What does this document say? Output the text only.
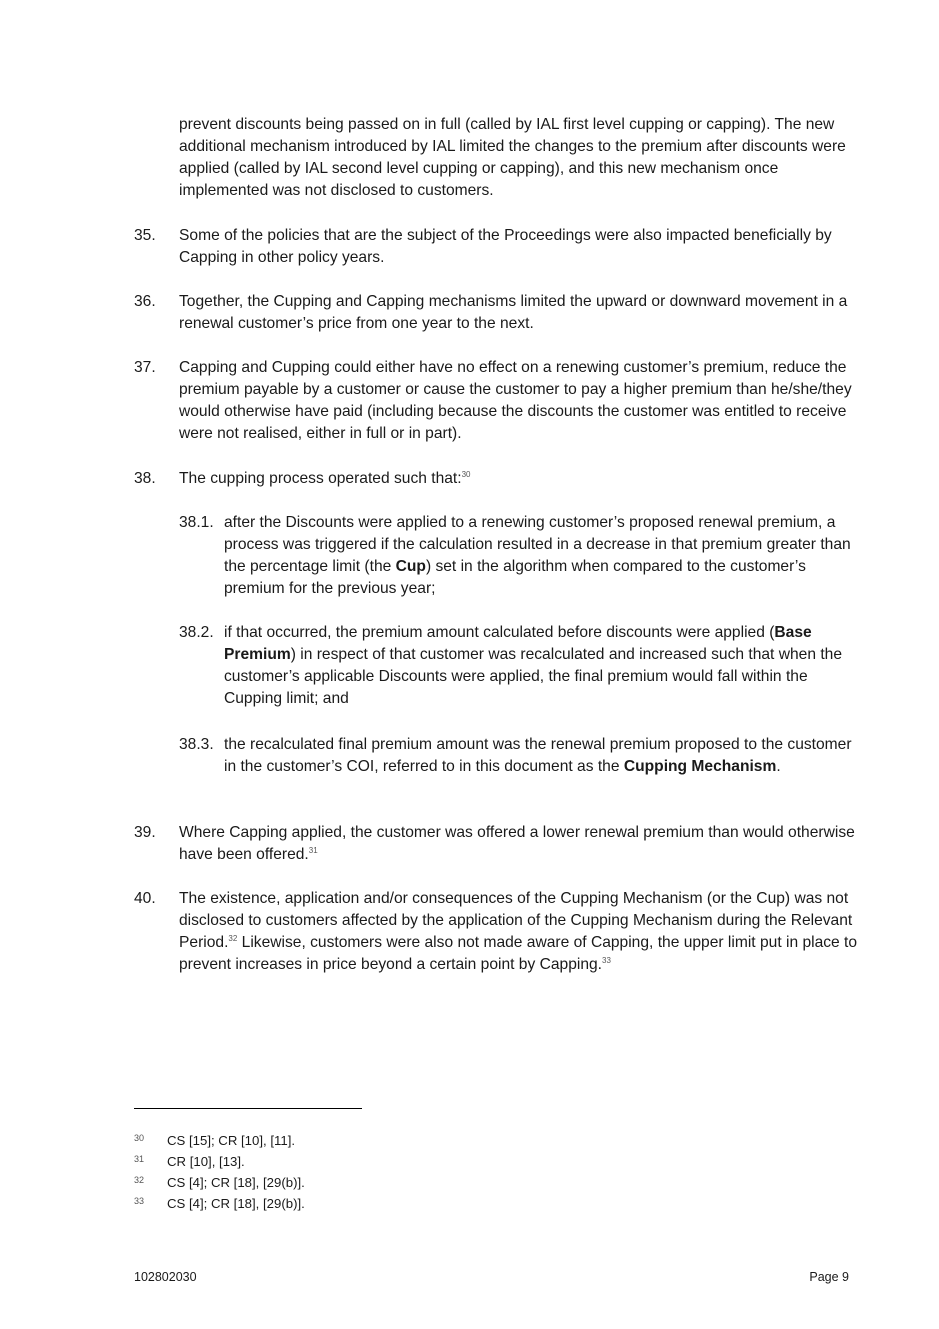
prevent discounts being passed on in full (called by IAL first level cupping or capping). The new additional mechanism introduced by IAL limited the changes to the premium after discounts were applied (called by IAL second level cupping or capping), and this new mechanism once implemented was not disclosed to customers.
35. Some of the policies that are the subject of the Proceedings were also impacted beneficially by Capping in other policy years.
36. Together, the Cupping and Capping mechanisms limited the upward or downward movement in a renewal customer’s price from one year to the next.
37. Capping and Cupping could either have no effect on a renewing customer’s premium, reduce the premium payable by a customer or cause the customer to pay a higher premium than he/she/they would otherwise have paid (including because the discounts the customer was entitled to receive were not realised, either in full or in part).
38. The cupping process operated such that:$^{30}$
38.1. after the Discounts were applied to a renewing customer’s proposed renewal premium, a process was triggered if the calculation resulted in a decrease in that premium greater than the percentage limit (the Cup) set in the algorithm when compared to the customer’s premium for the previous year;
38.2. if that occurred, the premium amount calculated before discounts were applied (Base Premium) in respect of that customer was recalculated and increased such that when the customer’s applicable Discounts were applied, the final premium would fall within the Cupping limit; and
38.3. the recalculated final premium amount was the renewal premium proposed to the customer in the customer’s COI, referred to in this document as the Cupping Mechanism.
39. Where Capping applied, the customer was offered a lower renewal premium than would otherwise have been offered.$^{31}$
40. The existence, application and/or consequences of the Cupping Mechanism (or the Cup) was not disclosed to customers affected by the application of the Cupping Mechanism during the Relevant Period.$^{32}$ Likewise, customers were also not made aware of Capping, the upper limit put in place to prevent increases in price beyond a certain point by Capping.$^{33}$
30 CS [15]; CR [10], [11].
31 CR [10], [13].
32 CS [4]; CR [18], [29(b)].
33 CS [4]; CR [18], [29(b)].
102802030	Page 9
